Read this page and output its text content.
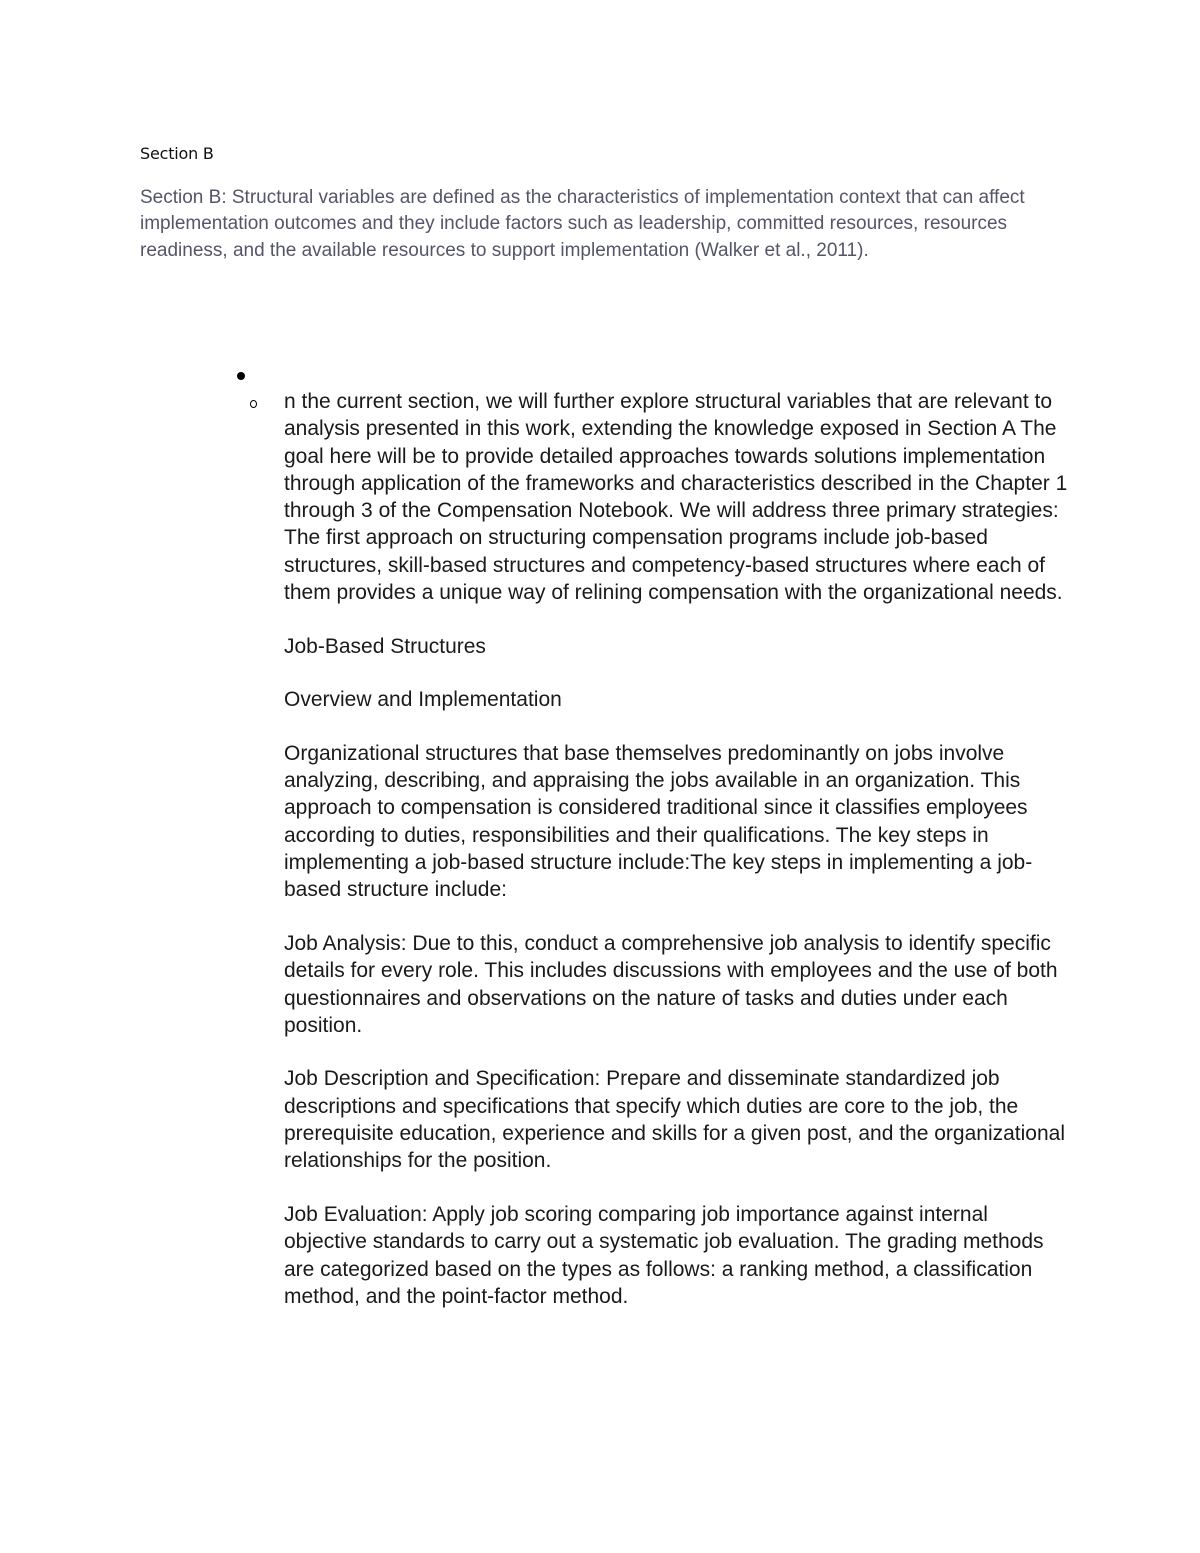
Section B

Section B: Structural variables are defined as the characteristics of implementation context that can affect implementation outcomes and they include factors such as leadership, committed resources, resources readiness, and the available resources to support implementation (Walker et al., 2011).

n the current section, we will further explore structural variables that are relevant to analysis presented in this work, extending the knowledge exposed in Section A The goal here will be to provide detailed approaches towards solutions implementation through application of the frameworks and characteristics described in the Chapter 1 through 3 of the Compensation Notebook. We will address three primary strategies: The first approach on structuring compensation programs include job-based structures, skill-based structures and competency-based structures where each of them provides a unique way of relining compensation with the organizational needs.

Job-Based Structures

Overview and Implementation

Organizational structures that base themselves predominantly on jobs involve analyzing, describing, and appraising the jobs available in an organization. This approach to compensation is considered traditional since it classifies employees according to duties, responsibilities and their qualifications. The key steps in implementing a job-based structure include:The key steps in implementing a job-based structure include:

Job Analysis: Due to this, conduct a comprehensive job analysis to identify specific details for every role. This includes discussions with employees and the use of both questionnaires and observations on the nature of tasks and duties under each position.

Job Description and Specification: Prepare and disseminate standardized job descriptions and specifications that specify which duties are core to the job, the prerequisite education, experience and skills for a given post, and the organizational relationships for the position.

Job Evaluation: Apply job scoring comparing job importance against internal objective standards to carry out a systematic job evaluation. The grading methods are categorized based on the types as follows: a ranking method, a classification method, and the point-factor method.
